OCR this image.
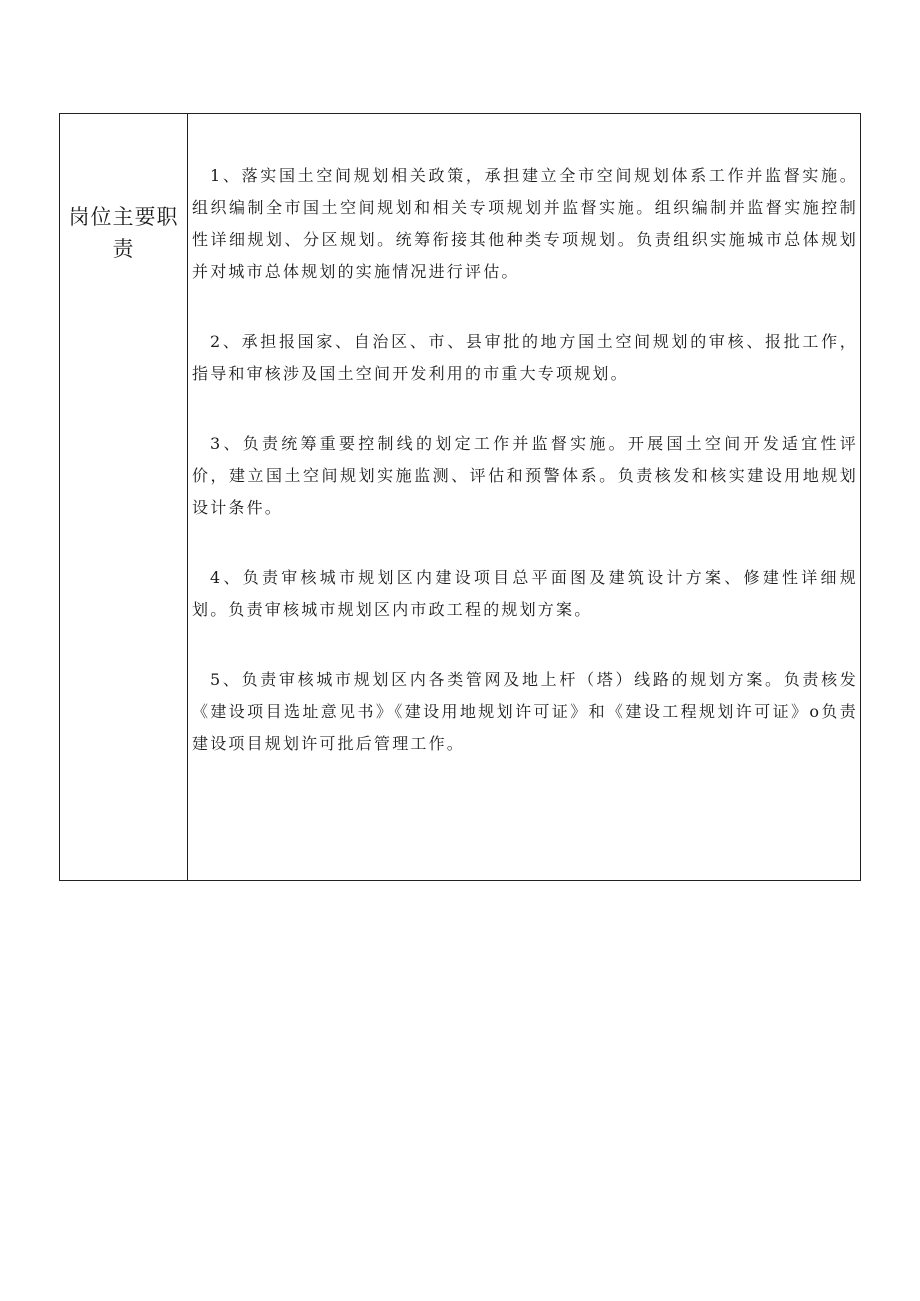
岗位主要职责

1、落实国土空间规划相关政策，承担建立全市空间规划体系工作并监督实施。组织编制全市国土空间规划和相关专项规划并监督实施。组织编制并监督实施控制性详细规划、分区规划。统筹衔接其他种类专项规划。负责组织实施城市总体规划并对城市总体规划的实施情况进行评估。

2、承担报国家、自治区、市、县审批的地方国土空间规划的审核、报批工作，指导和审核涉及国土空间开发利用的市重大专项规划。

3、负责统筹重要控制线的划定工作并监督实施。开展国土空间开发适宜性评价，建立国土空间规划实施监测、评估和预警体系。负责核发和核实建设用地规划设计条件。

4、负责审核城市规划区内建设项目总平面图及建筑设计方案、修建性详细规划。负责审核城市规划区内市政工程的规划方案。

5、负责审核城市规划区内各类管网及地上杆（塔）线路的规划方案。负责核发《建设项目选址意见书》《建设用地规划许可证》和《建设工程规划许可证》o负责建设项目规划许可批后管理工作。
